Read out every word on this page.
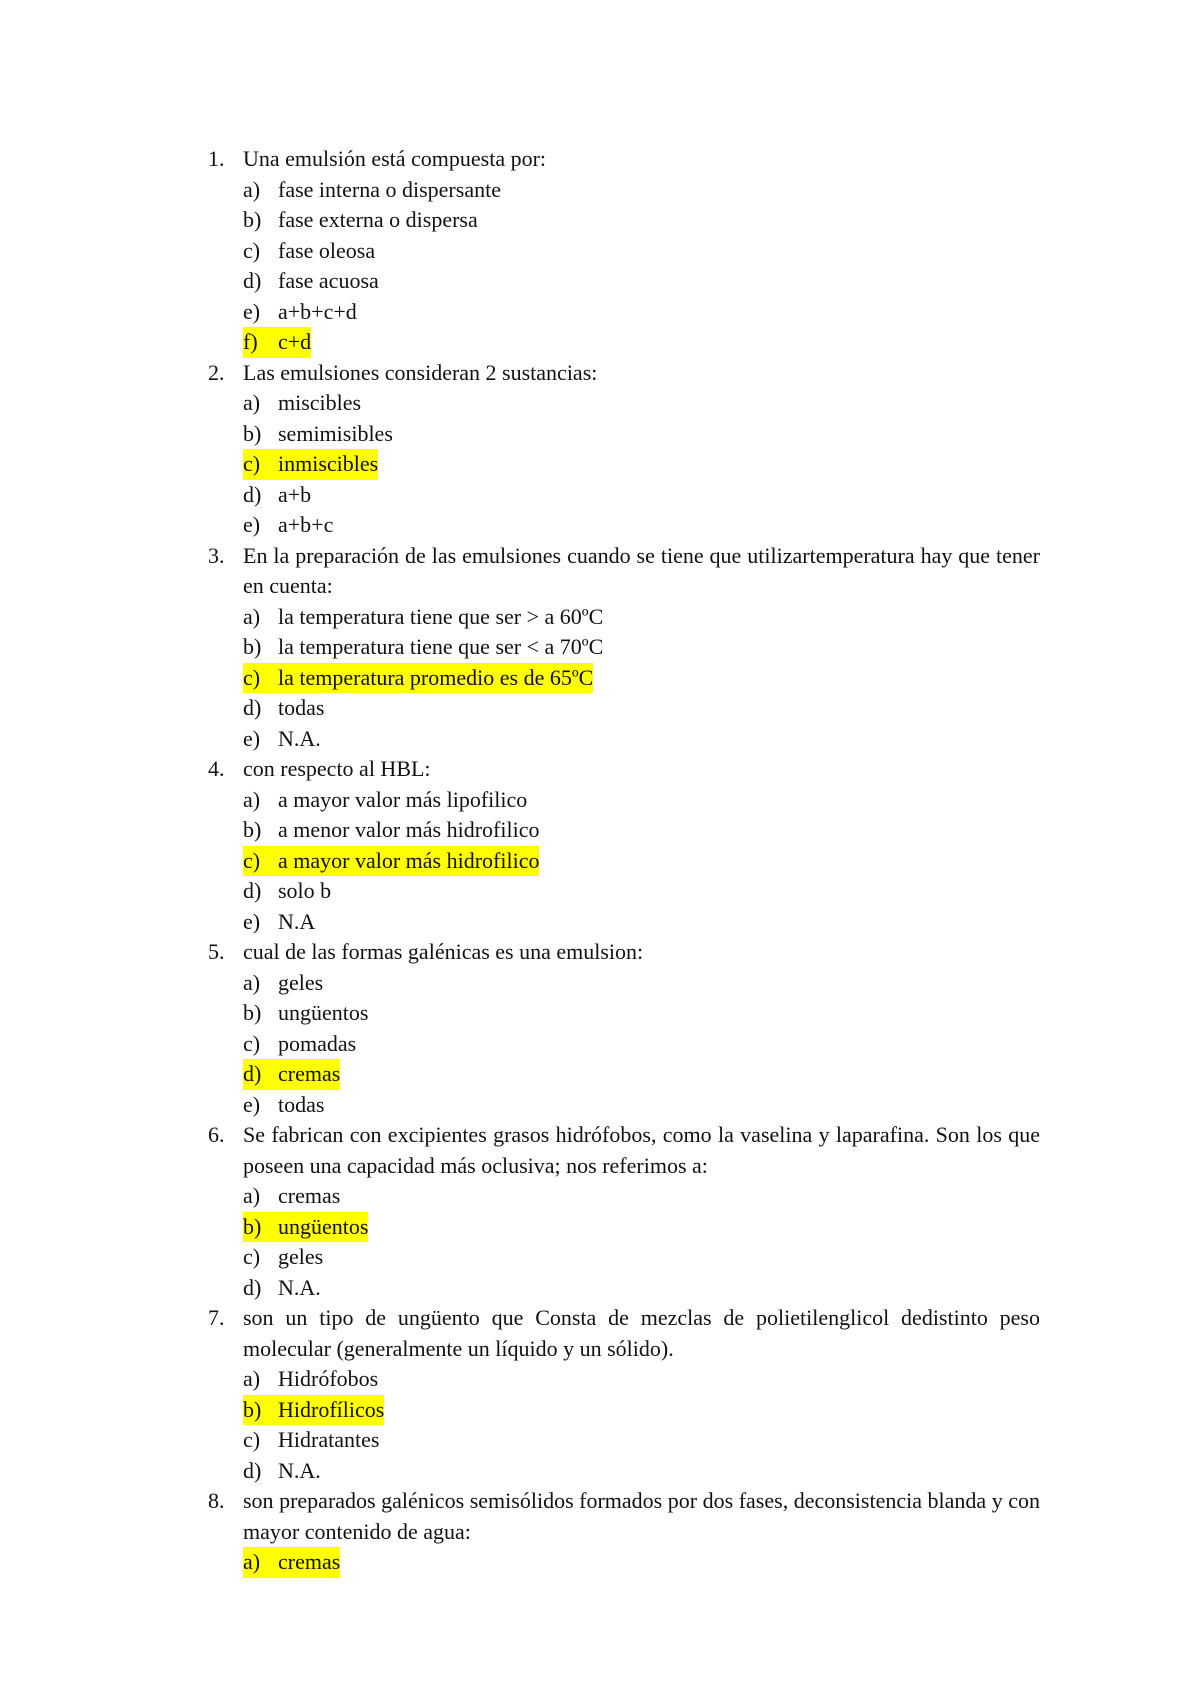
1. Una emulsión está compuesta por:
a) fase interna o dispersante
b) fase externa o dispersa
c) fase oleosa
d) fase acuosa
e) a+b+c+d
f) c+d
2. Las emulsiones consideran 2 sustancias:
a) miscibles
b) semimisibles
c) inmiscibles
d) a+b
e) a+b+c
3. En la preparación de las emulsiones cuando se tiene que utilizartemperatura hay que tener en cuenta:
a) la temperatura tiene que ser > a 60ºC
b) la temperatura tiene que ser < a 70ºC
c) la temperatura promedio es de 65ºC
d) todas
e) N.A.
4. con respecto al HBL:
a) a mayor valor más lipofilico
b) a menor valor más hidrofilico
c) a mayor valor más hidrofilico
d) solo b
e) N.A
5. cual de las formas galénicas es una emulsion:
a) geles
b) ungüentos
c) pomadas
d) cremas
e) todas
6. Se fabrican con excipientes grasos hidrófobos, como la vaselina y laparafina. Son los que poseen una capacidad más oclusiva; nos referimos a:
a) cremas
b) ungüentos
c) geles
d) N.A.
7. son un tipo de ungüento que Consta de mezclas de polietilenglicol dedistinto peso molecular (generalmente un líquido y un sólido).
a) Hidrófobos
b) Hidrofílicos
c) Hidratantes
d) N.A.
8. son preparados galénicos semisólidos formados por dos fases, deconsistencia blanda y con mayor contenido de agua:
a) cremas
